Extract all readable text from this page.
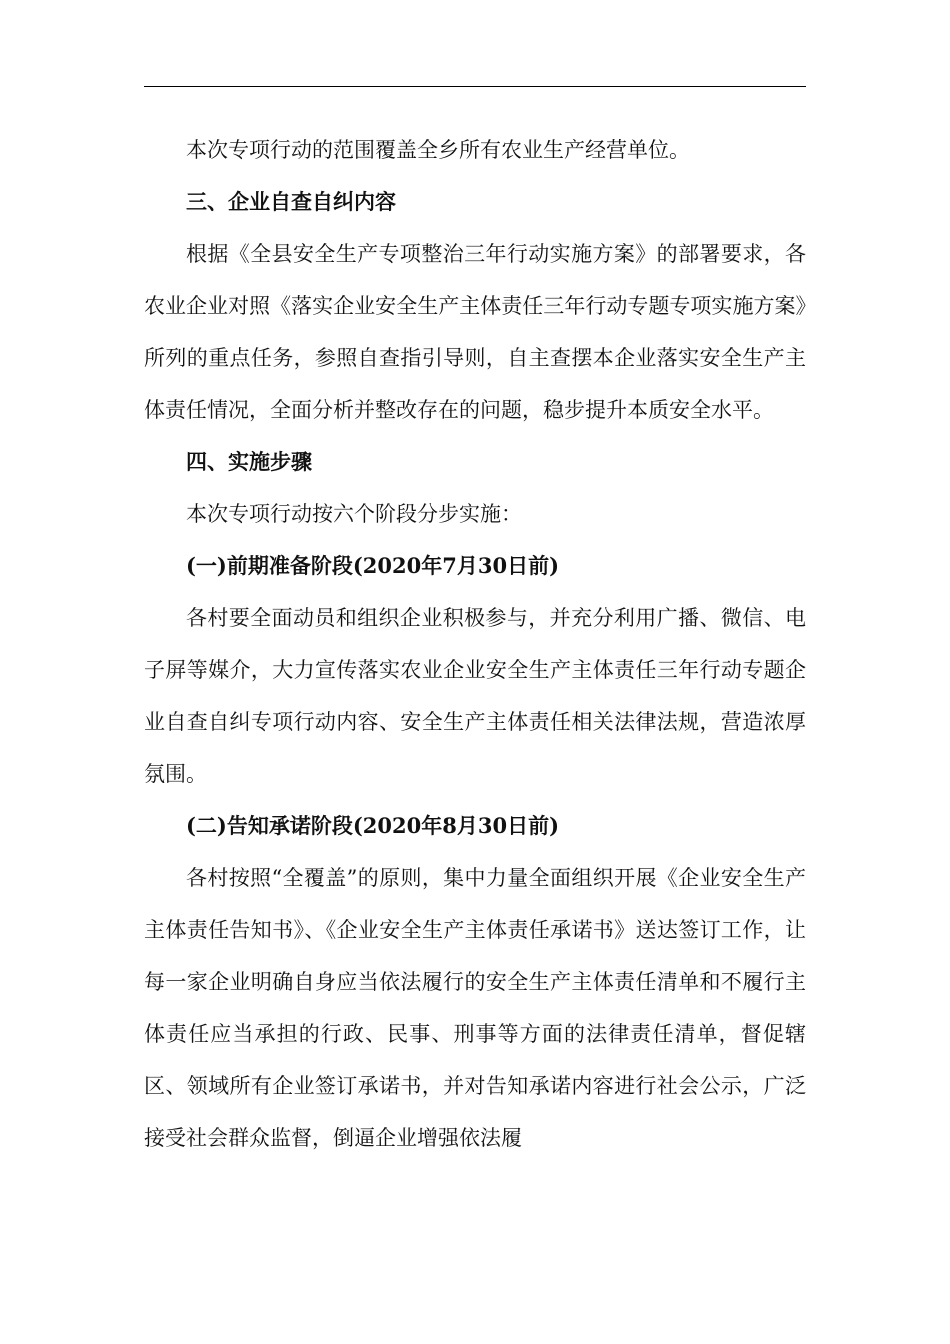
本次专项行动的范围覆盖全乡所有农业生产经营单位。

三、企业自查自纠内容

根据《全县安全生产专项整治三年行动实施方案》的部署要求，各农业企业对照《落实企业安全生产主体责任三年行动专题专项实施方案》所列的重点任务，参照自查指引导则，自主查摆本企业落实安全生产主体责任情况，全面分析并整改存在的问题，稳步提升本质安全水平。

四、实施步骤

本次专项行动按六个阶段分步实施：

(一)前期准备阶段(2020年7月30日前)

各村要全面动员和组织企业积极参与，并充分利用广播、微信、电子屏等媒介，大力宣传落实农业企业安全生产主体责任三年行动专题企业自查自纠专项行动内容、安全生产主体责任相关法律法规，营造浓厚氛围。

(二)告知承诺阶段(2020年8月30日前)

各村按照“全覆盖”的原则，集中力量全面组织开展《企业安全生产主体责任告知书》、《企业安全生产主体责任承诺书》送达签订工作，让每一家企业明确自身应当依法履行的安全生产主体责任清单和不履行主体责任应当承担的行政、民事、刑事等方面的法律责任清单，督促辖区、领域所有企业签订承诺书，并对告知承诺内容进行社会公示，广泛接受社会群众监督，倒逼企业增强依法履
